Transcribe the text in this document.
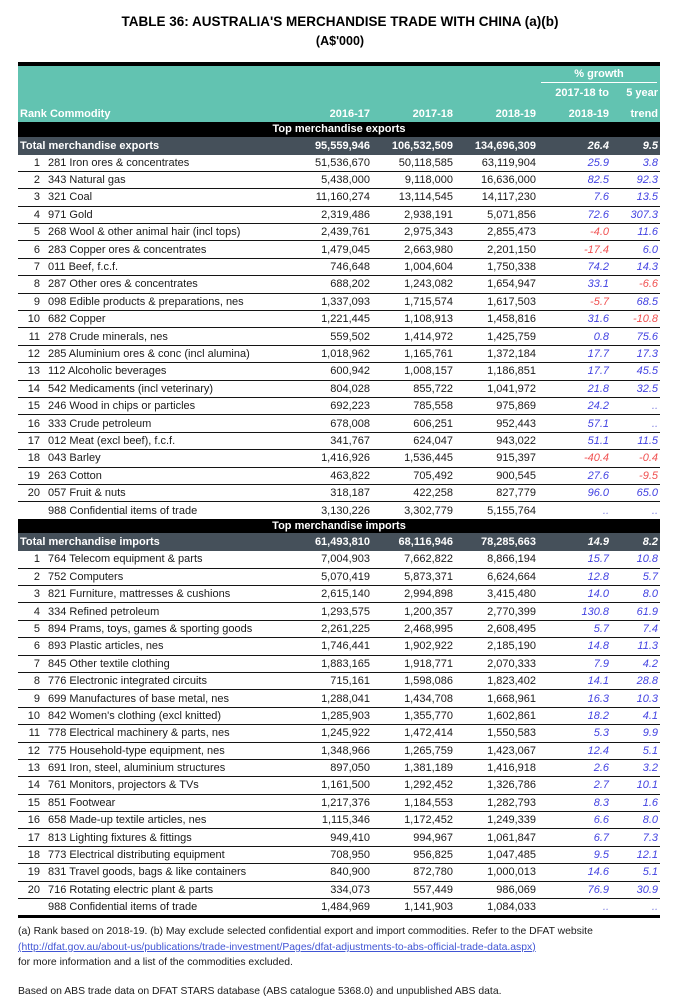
TABLE 36: AUSTRALIA'S MERCHANDISE TRADE WITH CHINA (a)(b)
(A$'000)

					% growth	

					2017-18 to	5 year
Rank Commodity		2016-17	2017-18	2018-19	2018-19	trend
Top merchandise exports						
Total merchandise exports		95,559,946	106,532,509	134,696,309	26.4	9.5
1	281 Iron ores & concentrates	51,536,670	50,118,585	63,119,904	25.9	3.8
2	343 Natural gas	5,438,000	9,118,000	16,636,000	82.5	92.3
3	321 Coal	11,160,274	13,114,545	14,117,230	7.6	13.5
4	971 Gold	2,319,486	2,938,191	5,071,856	72.6	307.3
5	268 Wool & other animal hair (incl tops)	2,439,761	2,975,343	2,855,473	-4.0	11.6
6	283 Copper ores & concentrates	1,479,045	2,663,980	2,201,150	-17.4	6.0
7	011 Beef, f.c.f.	746,648	1,004,604	1,750,338	74.2	14.3
8	287 Other ores & concentrates	688,202	1,243,082	1,654,947	33.1	-6.6
9	098 Edible products & preparations, nes	1,337,093	1,715,574	1,617,503	-5.7	68.5
10	682 Copper	1,221,445	1,108,913	1,458,816	31.6	-10.8
11	278 Crude minerals, nes	559,502	1,414,972	1,425,759	0.8	75.6
12	285 Aluminium ores & conc (incl alumina)	1,018,962	1,165,761	1,372,184	17.7	17.3
13	112 Alcoholic beverages	600,942	1,008,157	1,186,851	17.7	45.5
14	542 Medicaments (incl veterinary)	804,028	855,722	1,041,972	21.8	32.5
15	246 Wood in chips or particles	692,223	785,558	975,869	24.2	..
16	333 Crude petroleum	678,008	606,251	952,443	57.1	..
17	012 Meat (excl beef), f.c.f.	341,767	624,047	943,022	51.1	11.5
18	043 Barley	1,416,926	1,536,445	915,397	-40.4	-0.4
19	263 Cotton	463,822	705,492	900,545	27.6	-9.5
20	057 Fruit & nuts	318,187	422,258	827,779	96.0	65.0
	988 Confidential items of trade	3,130,226	3,302,779	5,155,764	..	..
Top merchandise imports						
Total merchandise imports		61,493,810	68,116,946	78,285,663	14.9	8.2
1	764 Telecom equipment & parts	7,004,903	7,662,822	8,866,194	15.7	10.8
2	752 Computers	5,070,419	5,873,371	6,624,664	12.8	5.7
3	821 Furniture, mattresses & cushions	2,615,140	2,994,898	3,415,480	14.0	8.0
4	334 Refined petroleum	1,293,575	1,200,357	2,770,399	130.8	61.9
5	894 Prams, toys, games & sporting goods	2,261,225	2,468,995	2,608,495	5.7	7.4
6	893 Plastic articles, nes	1,746,441	1,902,922	2,185,190	14.8	11.3
7	845 Other textile clothing	1,883,165	1,918,771	2,070,333	7.9	4.2
8	776 Electronic integrated circuits	715,161	1,598,086	1,823,402	14.1	28.8
9	699 Manufactures of base metal, nes	1,288,041	1,434,708	1,668,961	16.3	10.3
10	842 Women's clothing (excl knitted)	1,285,903	1,355,770	1,602,861	18.2	4.1
11	778 Electrical machinery & parts, nes	1,245,922	1,472,414	1,550,583	5.3	9.9
12	775 Household-type equipment, nes	1,348,966	1,265,759	1,423,067	12.4	5.1
13	691 Iron, steel, aluminium structures	897,050	1,381,189	1,416,918	2.6	3.2
14	761 Monitors, projectors & TVs	1,161,500	1,292,452	1,326,786	2.7	10.1
15	851 Footwear	1,217,376	1,184,553	1,282,793	8.3	1.6
16	658 Made-up textile articles, nes	1,115,346	1,172,452	1,249,339	6.6	8.0
17	813 Lighting fixtures & fittings	949,410	994,967	1,061,847	6.7	7.3
18	773 Electrical distributing equipment	708,950	956,825	1,047,485	9.5	12.1
19	831 Travel goods, bags & like containers	840,900	872,780	1,000,013	14.6	5.1
20	716 Rotating electric plant & parts	334,073	557,449	986,069	76.9	30.9
	988 Confidential items of trade	1,484,969	1,141,903	1,084,033	..	..
(a) Rank based on 2018-19. (b) May exclude selected confidential export and import commodities. Refer to the DFAT website
(http://dfat.gov.au/about-us/publications/trade-investment/Pages/dfat-adjustments-to-abs-official-trade-data.aspx)
for more information and a list of the commodities excluded.
Based on ABS trade data on DFAT STARS database (ABS catalogue 5368.0) and unpublished ABS data.
